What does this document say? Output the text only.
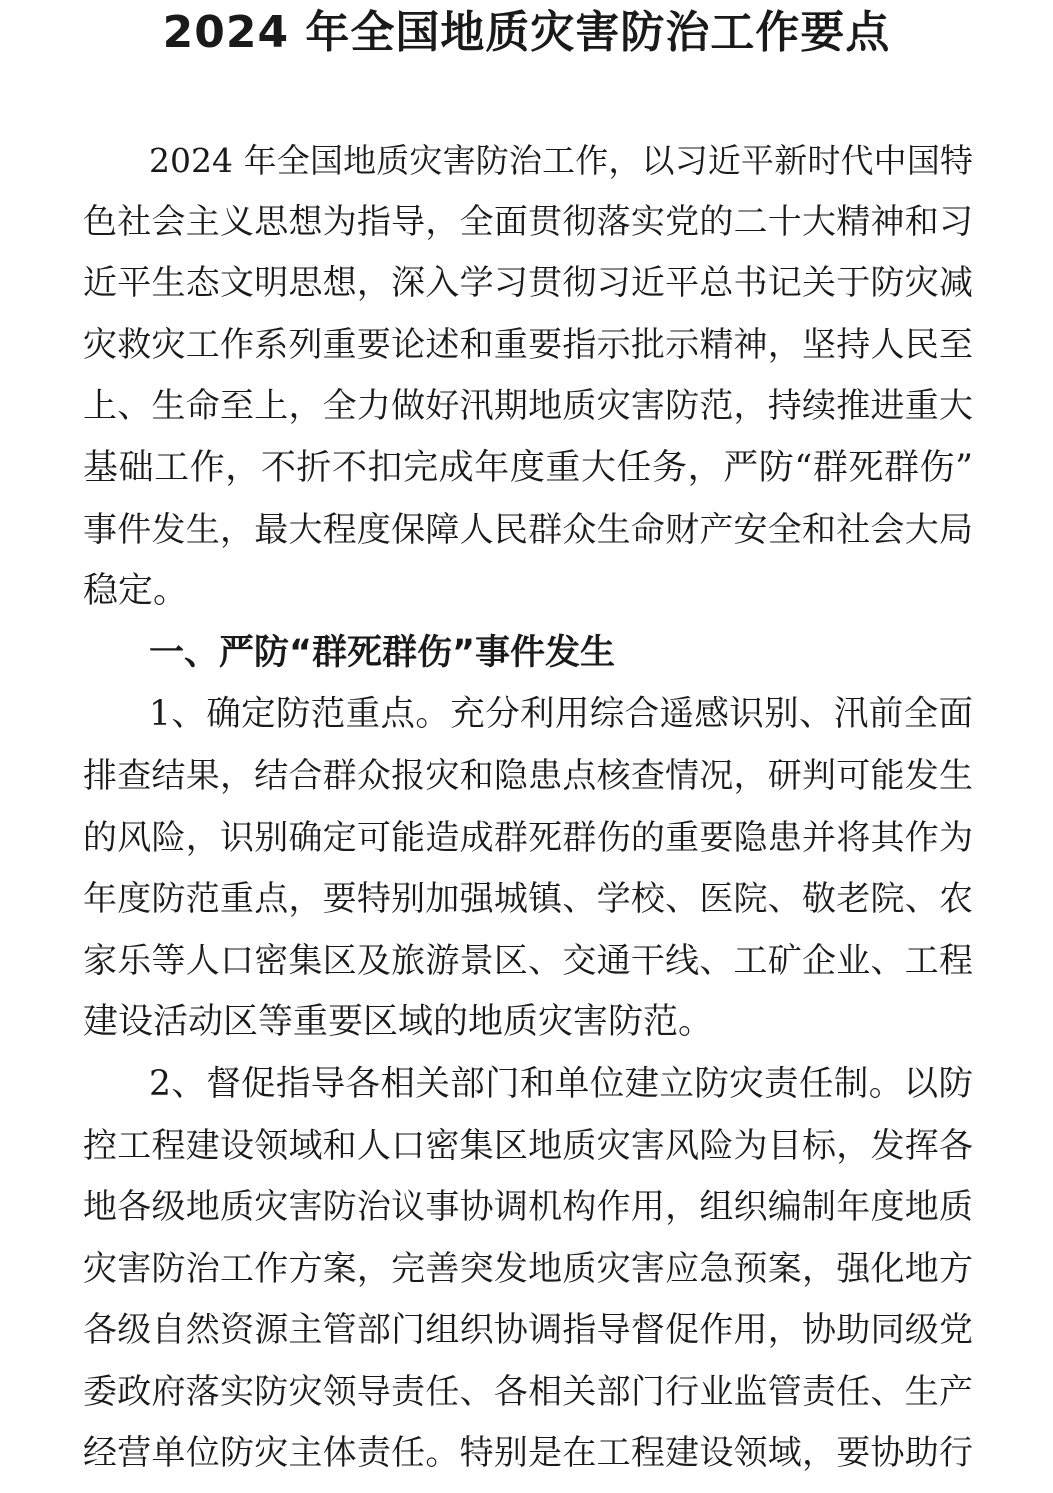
2024 年全国地质灾害防治工作要点
2024 年全国地质灾害防治工作，以习近平新时代中国特
色社会主义思想为指导，全面贯彻落实党的二十大精神和习
近平生态文明思想，深入学习贯彻习近平总书记关于防灾减
灾救灾工作系列重要论述和重要指示批示精神，坚持人民至
上、生命至上，全力做好汛期地质灾害防范，持续推进重大
基础工作，不折不扣完成年度重大任务，严防“群死群伤”
事件发生，最大程度保障人民群众生命财产安全和社会大局
稳定。
一、严防“群死群伤”事件发生
1、确定防范重点。充分利用综合遥感识别、汛前全面
排查结果，结合群众报灾和隐患点核查情况，研判可能发生
的风险，识别确定可能造成群死群伤的重要隐患并将其作为
年度防范重点，要特别加强城镇、学校、医院、敬老院、农
家乐等人口密集区及旅游景区、交通干线、工矿企业、工程
建设活动区等重要区域的地质灾害防范。
2、督促指导各相关部门和单位建立防灾责任制。以防
控工程建设领域和人口密集区地质灾害风险为目标，发挥各
地各级地质灾害防治议事协调机构作用，组织编制年度地质
灾害防治工作方案，完善突发地质灾害应急预案，强化地方
各级自然资源主管部门组织协调指导督促作用，协助同级党
委政府落实防灾领导责任、各相关部门行业监管责任、生产
经营单位防灾主体责任。特别是在工程建设领域，要协助行
